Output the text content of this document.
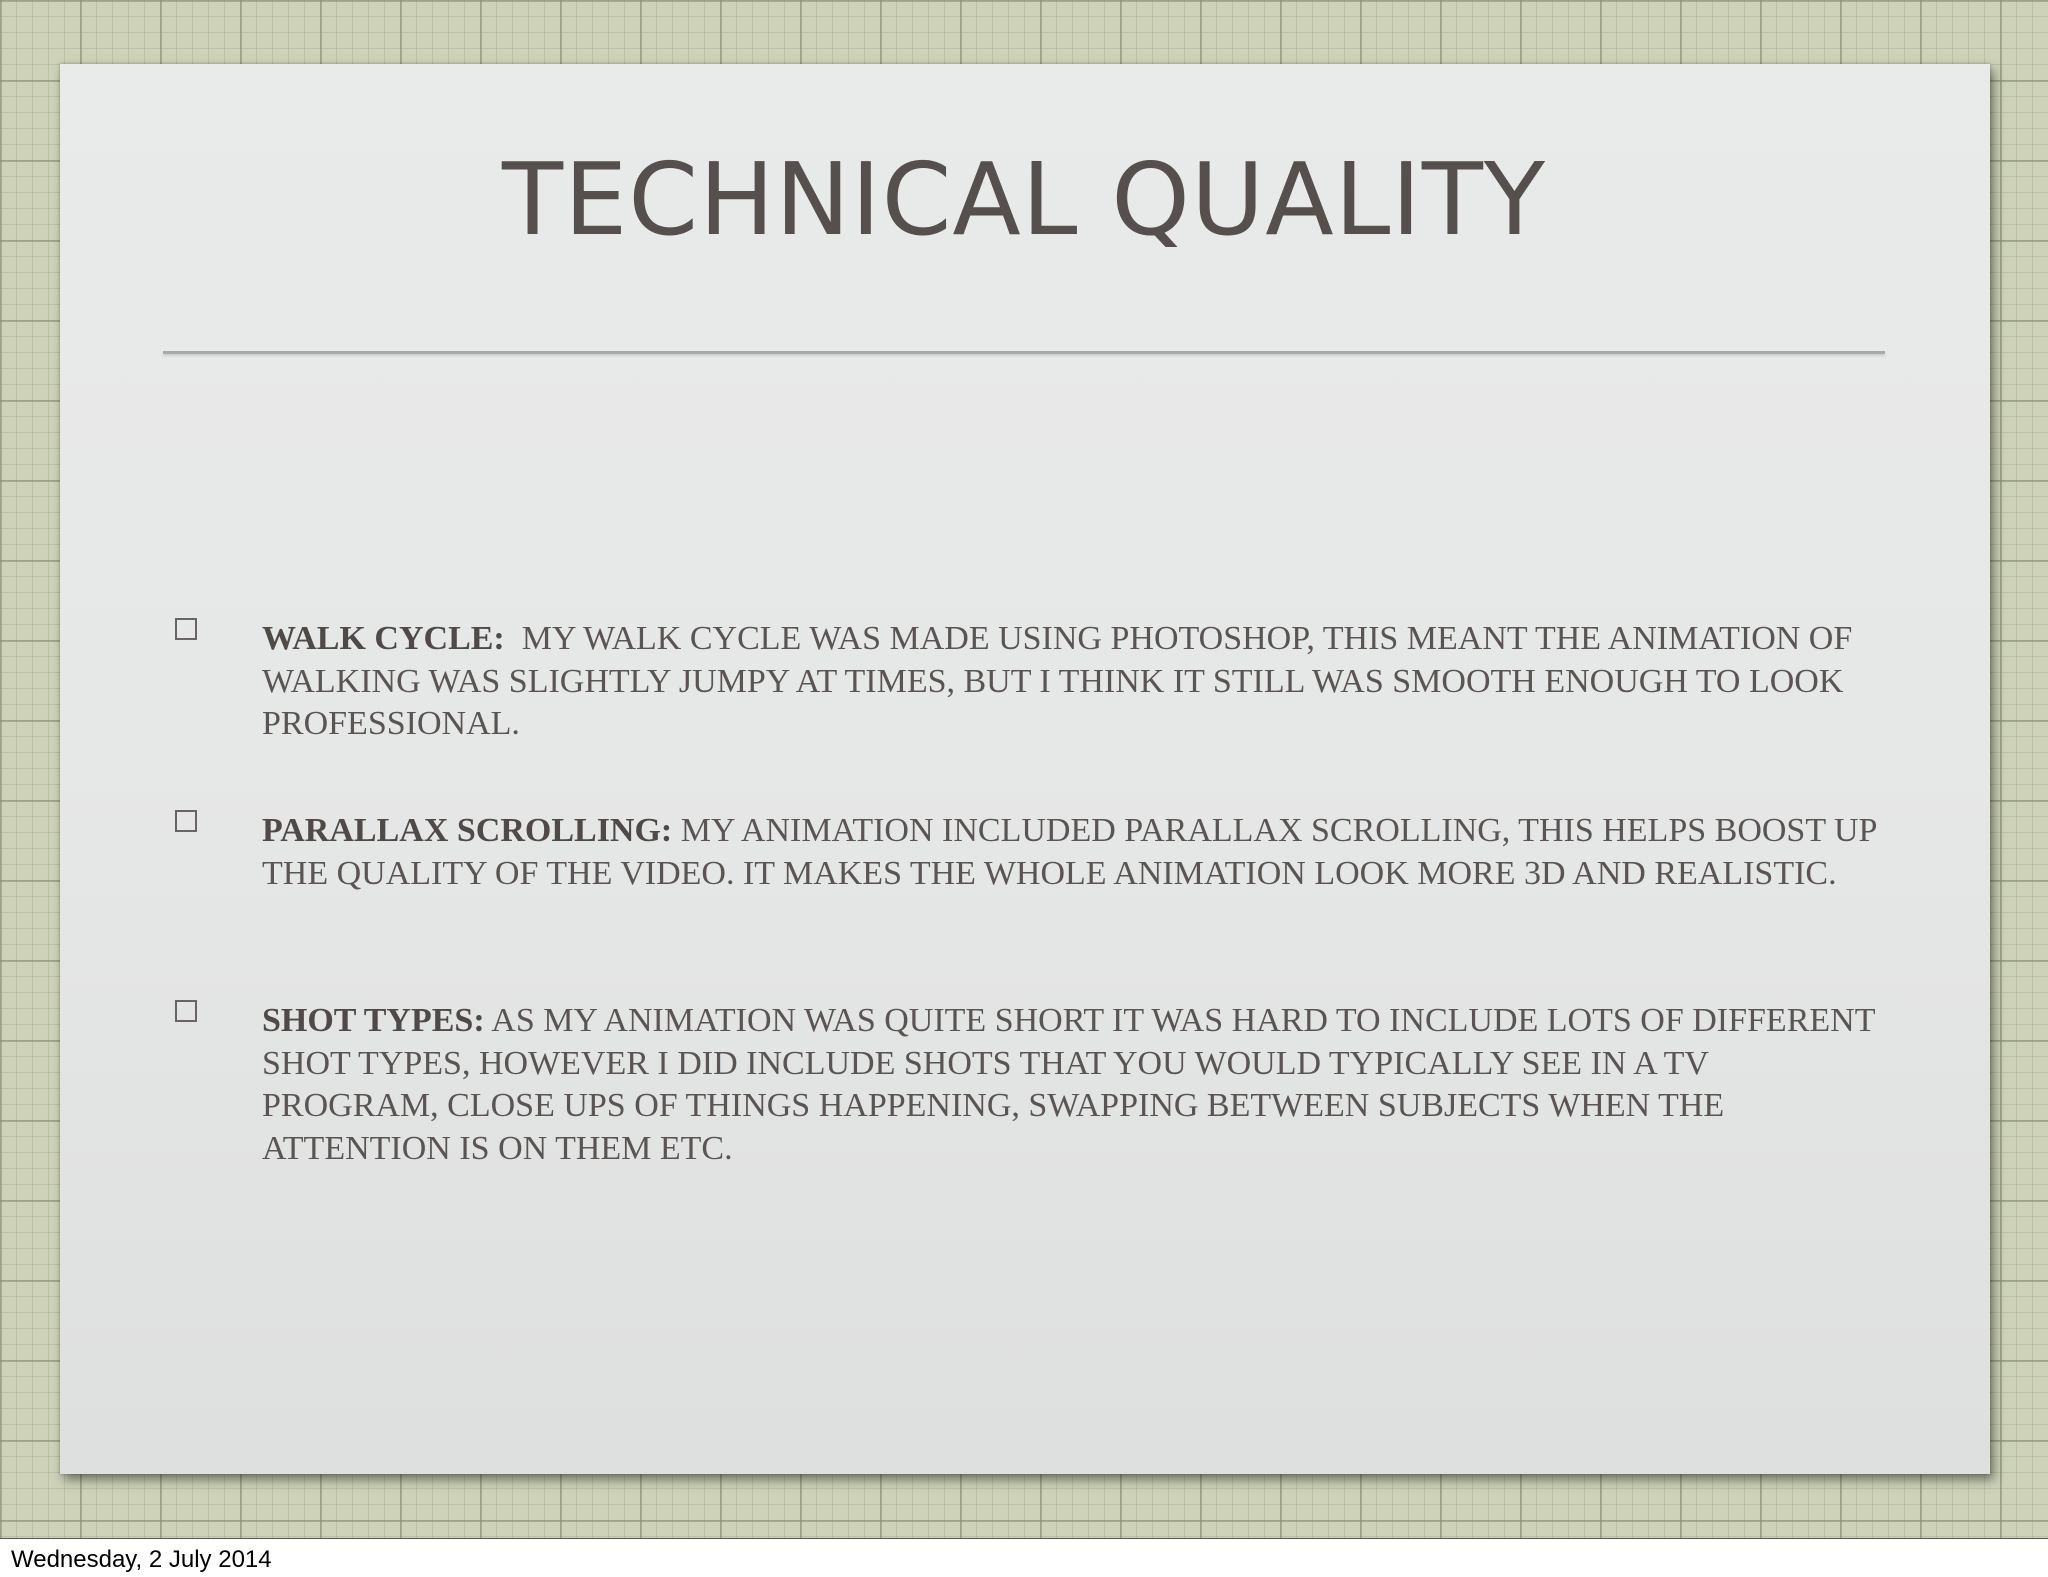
TECHNICAL QUALITY

WALK CYCLE: MY WALK CYCLE WAS MADE USING PHOTOSHOP, THIS MEANT THE ANIMATION OF WALKING WAS SLIGHTLY JUMPY AT TIMES, BUT I THINK IT STILL WAS SMOOTH ENOUGH TO LOOK PROFESSIONAL.

PARALLAX SCROLLING: MY ANIMATION INCLUDED PARALLAX SCROLLING, THIS HELPS BOOST UP THE QUALITY OF THE VIDEO. IT MAKES THE WHOLE ANIMATION LOOK MORE 3D AND REALISTIC.

SHOT TYPES: AS MY ANIMATION WAS QUITE SHORT IT WAS HARD TO INCLUDE LOTS OF DIFFERENT SHOT TYPES, HOWEVER I DID INCLUDE SHOTS THAT YOU WOULD TYPICALLY SEE IN A TV PROGRAM, CLOSE UPS OF THINGS HAPPENING, SWAPPING BETWEEN SUBJECTS WHEN THE ATTENTION IS ON THEM ETC.

Wednesday, 2 July 2014
